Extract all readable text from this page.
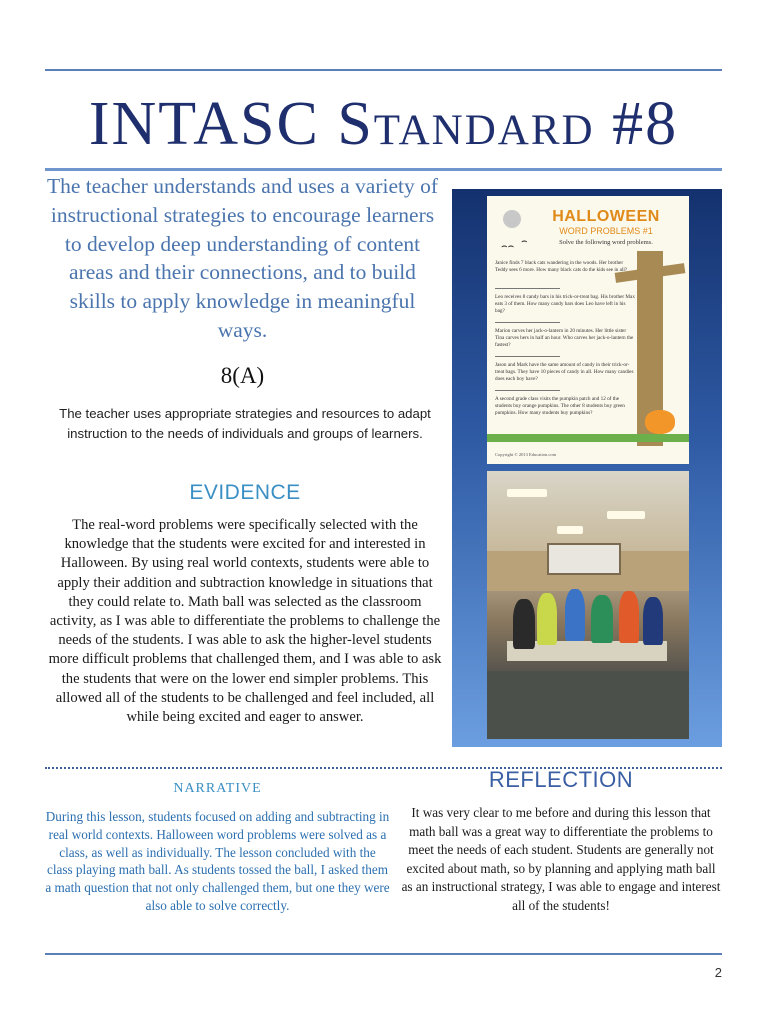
INTASC Standard #8
The teacher understands and uses a variety of instructional strategies to encourage learners to develop deep understanding of content areas and their connections, and to build skills to apply knowledge in meaningful ways.
8(A)
The teacher uses appropriate strategies and resources to adapt instruction to the needs of individuals and groups of learners.
EVIDENCE
The real-word problems were specifically selected with the knowledge that the students were excited for and interested in Halloween. By using real world contexts, students were able to apply their addition and subtraction knowledge in situations that they could relate to. Math ball was selected as the classroom activity, as I was able to differentiate the problems to challenge the needs of the students. I was able to ask the higher-level students more difficult problems that challenged them, and I was able to ask the students that were on the lower end simpler problems. This allowed all of the students to be challenged and feel included, all while being excited and eager to answer.
HALLOWEEN
WORD PROBLEMS #1
Solve the following word problems.
⌢⌢ ⌢
Janice finds 7 black cats wandering in the woods. Her brother Teddy sees 6 more. How many black cats do the kids see in all?
Leo receives 8 candy bars in his trick-or-treat bag. His brother Max eats 3 of them. How many candy bars does Leo have left in his bag?
Marion carves her jack-o-lantern in 20 minutes. Her little sister Tina carves hers in half an hour. Who carves her jack-o-lantern the fastest?
Jason and Mark have the same amount of candy in their trick-or-treat bags. They have 10 pieces of candy in all. How many candies does each boy have?
A second grade class visits the pumpkin patch and 12 of the students buy orange pumpkins. The other 8 students buy green pumpkins. How many students buy pumpkins?
Copyright © 2013 Education.com
NARRATIVE
During this lesson, students focused on adding and subtracting in real world contexts. Halloween word problems were solved as a class, as well as individually. The lesson concluded with the class playing math ball. As students tossed the ball, I asked them a math question that not only challenged them, but one they were also able to solve correctly.
REFLECTION
It was very clear to me before and during this lesson that math ball was a great way to differentiate the problems to meet the needs of each student. Students are generally not excited about math, so by planning and applying math ball as an instructional strategy, I was able to engage and interest all of the students!
2
